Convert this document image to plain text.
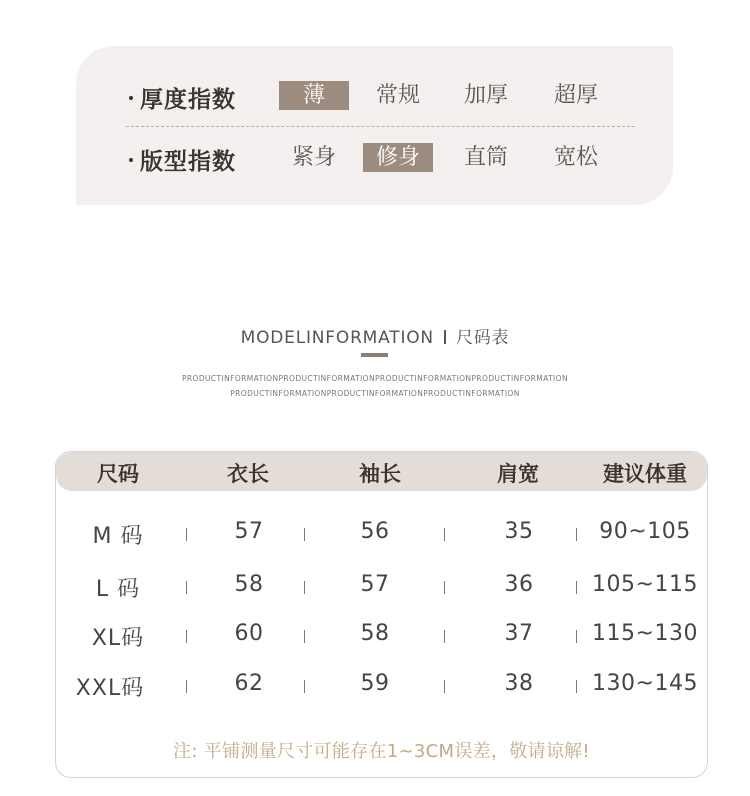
厚度指数	薄	常规	加厚	超厚
版型指数	紧身	修身	直筒	宽松
MODELINFORMATION 尺码表
PRODUCTINFORMATIONPRODUCTINFORMATIONPRODUCTINFORMATIONPRODUCTINFORMATION
PRODUCTINFORMATIONPRODUCTINFORMATIONPRODUCTINFORMATION
尺码	衣长	袖长	肩宽	建议体重
M 码	57	56	35	90~105
L 码	58	57	36	105~115
XL码	60	58	37	115~130
XXL码	62	59	38	130~145
注: 平铺测量尺寸可能存在1~3CM误差，敬请谅解!
